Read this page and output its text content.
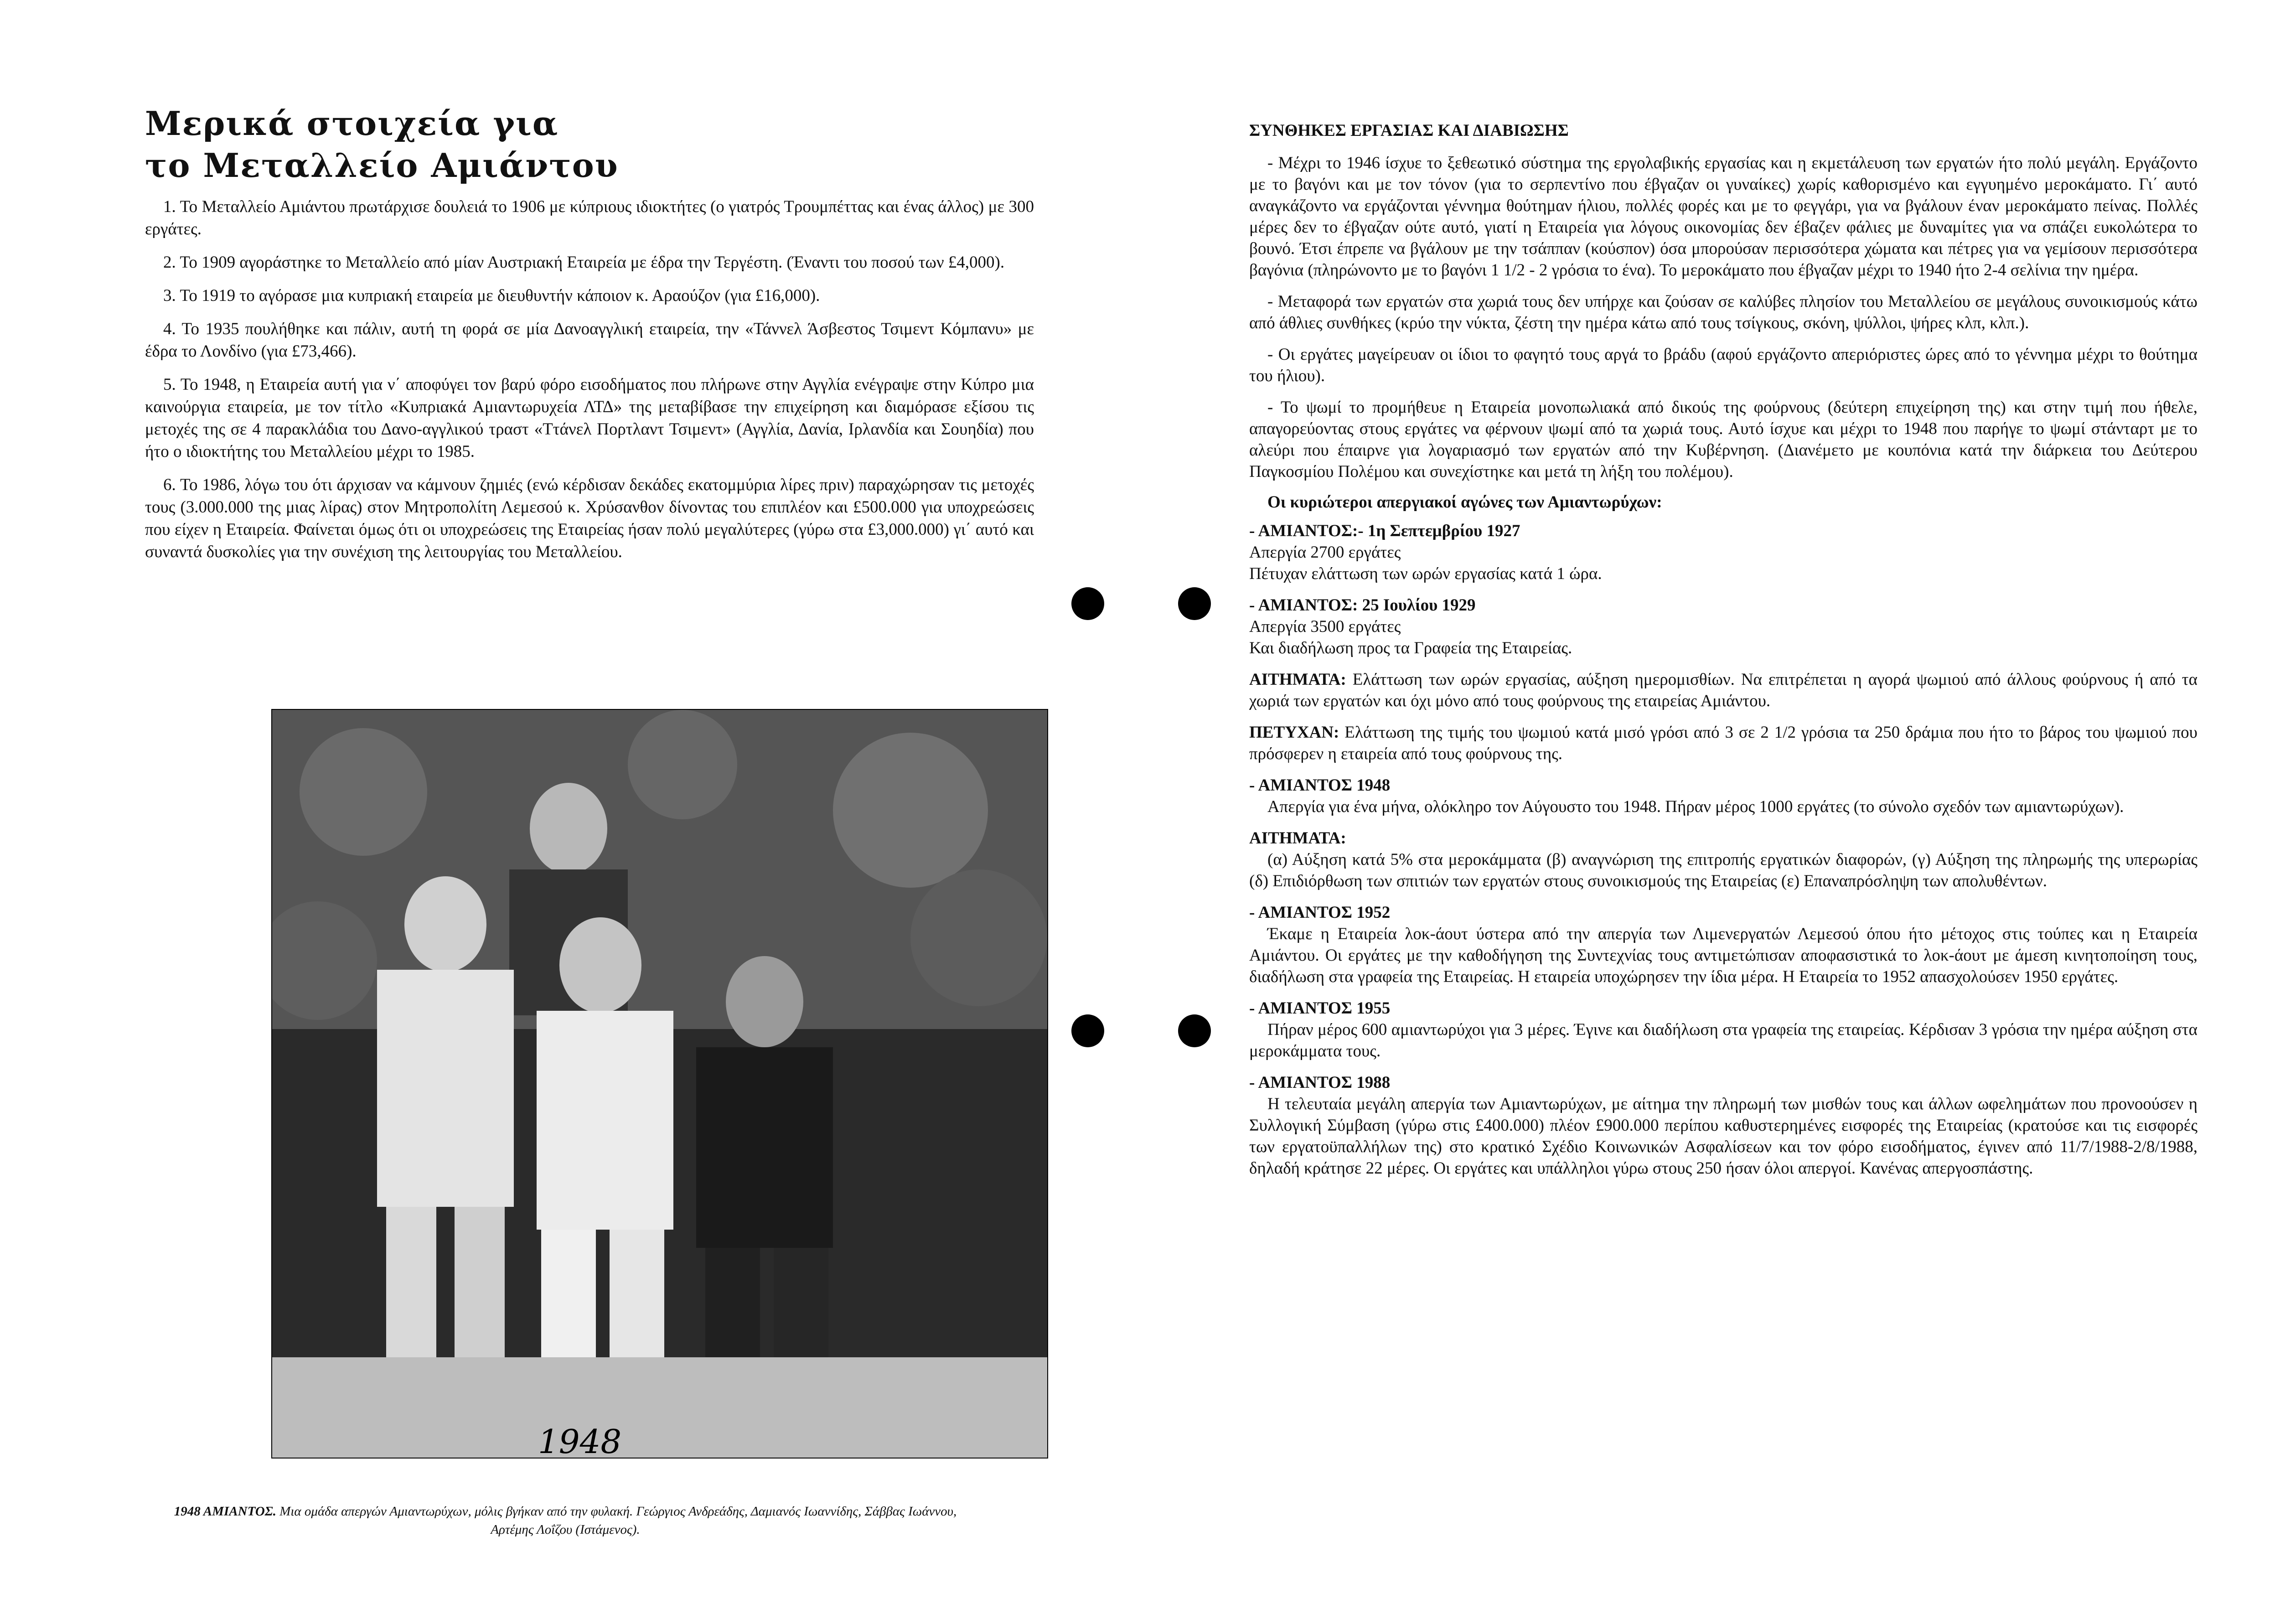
Μερικά στοιχεία για
το Μεταλλείο Αμιάντου

1. Το Μεταλλείο Αμιάντου πρωτάρχισε δουλειά το 1906 με κύπριους ιδιοκτήτες (ο γιατρός Τρουμπέττας και ένας άλλος) με 300 εργάτες.

2. Το 1909 αγοράστηκε το Μεταλλείο από μίαν Αυστριακή Εταιρεία με έδρα την Τεργέστη. (Έναντι του ποσού των £4,000).

3. Το 1919 το αγόρασε μια κυπριακή εταιρεία με διευθυντήν κάποιον κ. Αραούζον (για £16,000).

4. Το 1935 πουλήθηκε και πάλιν, αυτή τη φορά σε μία Δανοαγγλική εταιρεία, την «Τάννελ Άσβεστος Τσιμεντ Κόμπανυ» με έδρα το Λονδίνο (για £73,466).

5. Το 1948, η Εταιρεία αυτή για ν΄ αποφύγει τον βαρύ φόρο εισοδήματος που πλήρωνε στην Αγγλία ενέγραψε στην Κύπρο μια καινούργια εταιρεία, με τον τίτλο «Κυπριακά Αμιαντωρυχεία ΛΤΔ» της μεταβίβασε την επιχείρηση και διαμόρασε εξίσου τις μετοχές της σε 4 παρακλάδια του Δανο-αγγλικού τραστ «Ττάνελ Πορτλαντ Τσιμεντ» (Αγγλία, Δανία, Ιρλανδία και Σουηδία) που ήτο ο ιδιοκτήτης του Μεταλλείου μέχρι το 1985.

6. Το 1986, λόγω του ότι άρχισαν να κάμνουν ζημιές (ενώ κέρδισαν δεκάδες εκατομμύρια λίρες πριν) παραχώρησαν τις μετοχές τους (3.000.000 της μιας λίρας) στον Μητροπολίτη Λεμεσού κ. Χρύσανθον δίνοντας του επιπλέον και £500.000 για υποχρεώσεις που είχεν η Εταιρεία. Φαίνεται όμως ότι οι υποχρεώσεις της Εταιρείας ήσαν πολύ μεγαλύτερες (γύρω στα £3,000.000) γι΄ αυτό και συναντά δυσκολίες για την συνέχιση της λειτουργίας του Μεταλλείου.

1948
1948 ΑΜΙΑΝΤΟΣ. Μια ομάδα απεργών Αμιαντωρύχων, μόλις βγήκαν από την φυλακή. Γεώργιος Ανδρεάδης, Δαμιανός Ιωαννίδης, Σάββας Ιωάννου, Αρτέμης Λοΐζου (Ιστάμενος).
ΣΥΝΘΗΚΕΣ ΕΡΓΑΣΙΑΣ ΚΑΙ ΔΙΑΒΙΩΣΗΣ

- Μέχρι το 1946 ίσχυε το ξεθεωτικό σύστημα της εργολαβικής εργασίας και η εκμετάλευση των εργατών ήτο πολύ μεγάλη. Εργάζοντο με το βαγόνι και με τον τόνον (για το σερπεντίνο που έβγαζαν οι γυναίκες) χωρίς καθορισμένο και εγγυημένο μεροκάματο. Γι΄ αυτό αναγκάζοντο να εργάζονται γέννημα θούτημαν ήλιου, πολλές φορές και με το φεγγάρι, για να βγάλουν έναν μεροκάματο πείνας. Πολλές μέρες δεν το έβγαζαν ούτε αυτό, γιατί η Εταιρεία για λόγους οικονομίας δεν έβαζεν φάλιες με δυναμίτες για να σπάζει ευκολώτερα το βουνό. Έτσι έπρεπε να βγάλουν με την τσάππαν (κούσπον) όσα μπορούσαν περισσότερα χώματα και πέτρες για να γεμίσουν περισσότερα βαγόνια (πληρώνοντο με το βαγόνι 1 1/2 - 2 γρόσια το ένα). Το μεροκάματο που έβγαζαν μέχρι το 1940 ήτο 2-4 σελίνια την ημέρα.

- Μεταφορά των εργατών στα χωριά τους δεν υπήρχε και ζούσαν σε καλύβες πλησίον του Μεταλλείου σε μεγάλους συνοικισμούς κάτω από άθλιες συνθήκες (κρύο την νύκτα, ζέστη την ημέρα κάτω από τους τσίγκους, σκόνη, ψύλλοι, ψήρες κλπ, κλπ.).

- Οι εργάτες μαγείρευαν οι ίδιοι το φαγητό τους αργά το βράδυ (αφού εργάζοντο απεριόριστες ώρες από το γέννημα μέχρι το θούτημα του ήλιου).

- Το ψωμί το προμήθευε η Εταιρεία μονοπωλιακά από δικούς της φούρνους (δεύτερη επιχείρηση της) και στην τιμή που ήθελε, απαγορεύοντας στους εργάτες να φέρνουν ψωμί από τα χωριά τους. Αυτό ίσχυε και μέχρι το 1948 που παρήγε το ψωμί στάνταρτ με το αλεύρι που έπαιρνε για λογαριασμό των εργατών από την Κυβέρνηση. (Διανέμετο με κουπόνια κατά την διάρκεια του Δεύτερου Παγκοσμίου Πολέμου και συνεχίστηκε και μετά τη λήξη του πολέμου).

Οι κυριώτεροι απεργιακοί αγώνες των Αμιαντωρύχων:
- ΑΜΙΑΝΤΟΣ:- 1η Σεπτεμβρίου 1927
Απεργία 2700 εργάτες
Πέτυχαν ελάττωση των ωρών εργασίας κατά 1 ώρα.
- ΑΜΙΑΝΤΟΣ: 25 Ιουλίου 1929
Απεργία 3500 εργάτες
Και διαδήλωση προς τα Γραφεία της Εταιρείας.
ΑΙΤΗΜΑΤΑ: Ελάττωση των ωρών εργασίας, αύξηση ημερομισθίων. Να επιτρέπεται η αγορά ψωμιού από άλλους φούρνους ή από τα χωριά των εργατών και όχι μόνο από τους φούρνους της εταιρείας Αμιάντου.
ΠΕΤΥΧΑΝ: Ελάττωση της τιμής του ψωμιού κατά μισό γρόσι από 3 σε 2 1/2 γρόσια τα 250 δράμια που ήτο το βάρος του ψωμιού που πρόσφερεν η εταιρεία από τους φούρνους της.
- ΑΜΙΑΝΤΟΣ 1948
Απεργία για ένα μήνα, ολόκληρο τον Αύγουστο του 1948. Πήραν μέρος 1000 εργάτες (το σύνολο σχεδόν των αμιαντωρύχων).
ΑΙΤΗΜΑΤΑ:
(α) Αύξηση κατά 5% στα μεροκάμματα (β) αναγνώριση της επιτροπής εργατικών διαφορών, (γ) Αύξηση της πληρωμής της υπερωρίας (δ) Επιδιόρθωση των σπιτιών των εργατών στους συνοικισμούς της Εταιρείας (ε) Επαναπρόσληψη των απολυθέντων.
- ΑΜΙΑΝΤΟΣ 1952
Έκαμε η Εταιρεία λοκ-άουτ ύστερα από την απεργία των Λιμενεργατών Λεμεσού όπου ήτο μέτοχος στις τούπες και η Εταιρεία Αμιάντου. Οι εργάτες με την καθοδήγηση της Συντεχνίας τους αντιμετώπισαν αποφασιστικά το λοκ-άουτ με άμεση κινητοποίηση τους, διαδήλωση στα γραφεία της Εταιρείας. Η εταιρεία υποχώρησεν την ίδια μέρα. Η Εταιρεία το 1952 απασχολούσεν 1950 εργάτες.
- ΑΜΙΑΝΤΟΣ 1955
Πήραν μέρος 600 αμιαντωρύχοι για 3 μέρες. Έγινε και διαδήλωση στα γραφεία της εταιρείας. Κέρδισαν 3 γρόσια την ημέρα αύξηση στα μεροκάμματα τους.
- ΑΜΙΑΝΤΟΣ 1988
Η τελευταία μεγάλη απεργία των Αμιαντωρύχων, με αίτημα την πληρωμή των μισθών τους και άλλων ωφελημάτων που προνοούσεν η Συλλογική Σύμβαση (γύρω στις £400.000) πλέον £900.000 περίπου καθυστερημένες εισφορές της Εταιρείας (κρατούσε και τις εισφορές των εργατοϋπαλλήλων της) στο κρατικό Σχέδιο Κοινωνικών Ασφαλίσεων και τον φόρο εισοδήματος, έγινεν από 11/7/1988-2/8/1988, δηλαδή κράτησε 22 μέρες. Οι εργάτες και υπάλληλοι γύρω στους 250 ήσαν όλοι απεργοί. Κανένας απεργοσπάστης.
